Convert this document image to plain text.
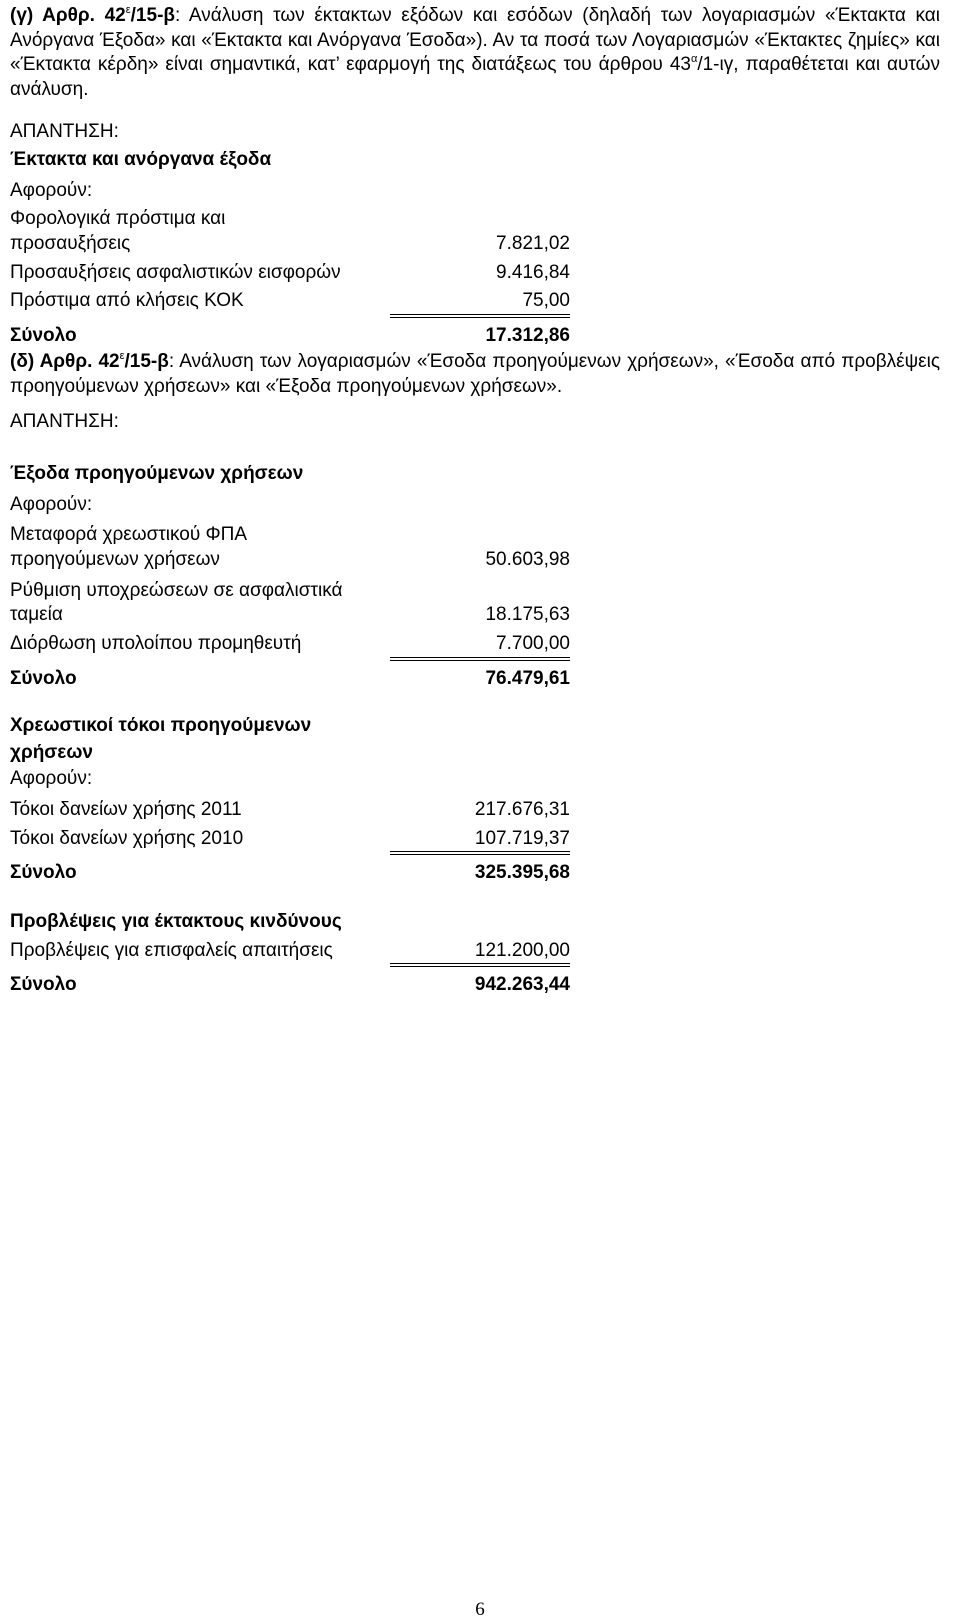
(γ) Αρθρ. $42^\varepsilon/15-\beta$: Ανάλυση των έκτακτων εξόδων και εσόδων (δηλαδή των λογαριασμών «Έκτακτα και Ανόργανα Έξοδα» και «Έκτακτα και Ανόργανα Έσοδα»). Αν τα ποσά των Λογαριασμών «Έκτακτες ζημίες» και «Έκτακτα κέρδη» είναι σημαντικά, κατ’ εφαρμογή της διατάξεως του άρθρου $43^\alpha/1-\iota\gamma$, παραθέτεται και αυτών ανάλυση.

ΑΠΑΝΤΗΣΗ:

Έκτακτα και ανόργανα έξοδα

Αφορούν:

Φορολογικά πρόστιμα και
προσαυξήσεις	7.821,02
Προσαυξήσεις ασφαλιστικών εισφορών	9.416,84
Πρόστιμα από κλήσεις ΚΟΚ	75,00
Σύνολο	17.312,86

(δ) Αρθρ. $42^\varepsilon/15-\beta$: Ανάλυση των λογαριασμών «Έσοδα προηγούμενων χρήσεων», «Έσοδα από προβλέψεις προηγούμενων χρήσεων» και «Έξοδα προηγούμενων χρήσεων».

ΑΠΑΝΤΗΣΗ:

Έξοδα προηγούμενων χρήσεων

Αφορούν:

Μεταφορά χρεωστικού ΦΠΑ
προηγούμενων χρήσεων	50.603,98
Ρύθμιση υποχρεώσεων σε ασφαλιστικά
ταμεία	18.175,63
Διόρθωση υπολοίπου προμηθευτή	7.700,00
Σύνολο	76.479,61

Χρεωστικοί τόκοι προηγούμενων

χρήσεων

Αφορούν:

Τόκοι δανείων χρήσης 2011	217.676,31
Τόκοι δανείων χρήσης 2010	107.719,37
Σύνολο	325.395,68

Προβλέψεις για έκτακτους κινδύνους

Προβλέψεις για επισφαλείς απαιτήσεις	121.200,00
Σύνολο	942.263,44
6
